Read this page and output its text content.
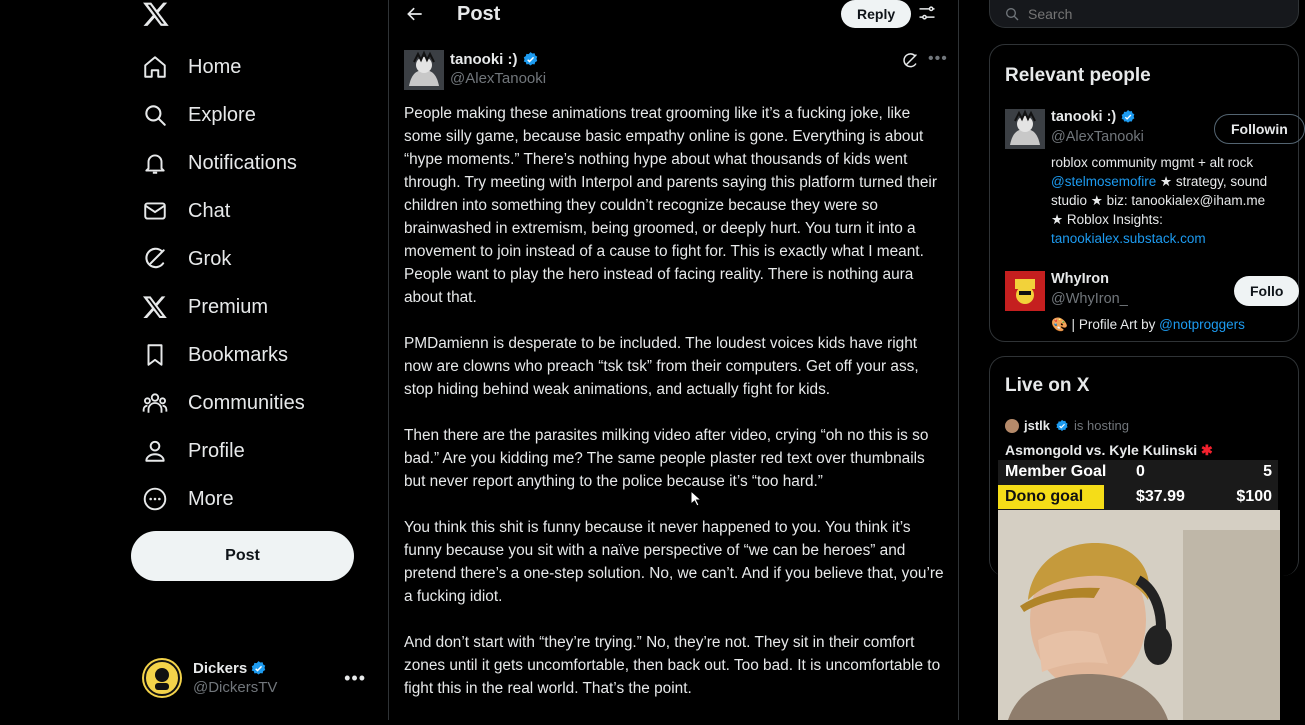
Home
Explore
Notifications
Chat
Grok
Premium
Bookmarks
Communities
Profile
More
Post
Dickers
@DickersTV	•••
Post	Reply
tanooki :)
@AlexTanooki
•••

People making these animations treat grooming like it’s a fucking joke, like some silly game, because basic empathy online is gone. Everything is about “hype moments.” There’s nothing hype about what thousands of kids went through. Try meeting with Interpol and parents saying this platform turned their children into something they couldn’t recognize because they were so brainwashed in extremism, being groomed, or deeply hurt. You turn it into a movement to join instead of a cause to fight for. This is exactly what I meant. People want to play the hero instead of facing reality. There is nothing aura about that.

PMDamienn is desperate to be included. The loudest voices kids have right now are clowns who preach “tsk tsk” from their computers. Get off your ass, stop hiding behind weak animations, and actually fight for kids.

Then there are the parasites milking video after video, crying “oh no this is so bad.” Are you kidding me? The same people plaster red text over thumbnails but never report anything to the police because it’s “too hard.”

You think this shit is funny because it never happened to you. You think it’s funny because you sit with a naïve perspective of “we can be heroes” and pretend there’s a one-step solution. No, we can’t. And if you believe that, you’re a fucking idiot.

And don’t start with “they’re trying.” No, they’re not. They sit in their comfort zones until it gets uncomfortable, then back out. Too bad. It is uncomfortable to fight this in the real world. That’s the point.

Search
Relevant people
tanooki :)
@AlexTanooki	Followin
roblox community mgmt + alt rock
@stelmosemofire ★ strategy, sound
studio ★ biz: tanookialex@iham.me
★ Roblox Insights:
tanookialex.substack.com
WhyIron
@WhyIron_	Follo
🎨 | Profile Art by @notproggers
Live on X
jstlk is hosting
Asmongold vs. Kyle Kulinski ✱
Member Goal 0	5
Dono goal	$37.99	$100
